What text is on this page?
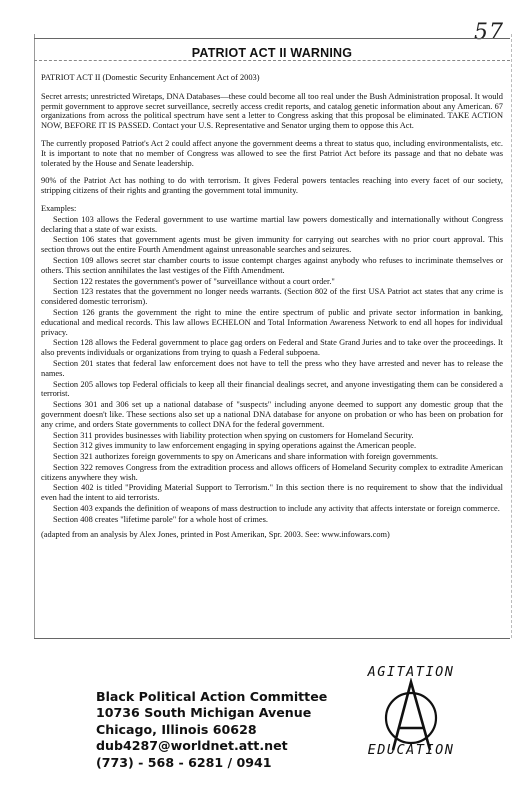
57
PATRIOT ACT II WARNING

PATRIOT ACT II (Domestic Security Enhancement Act of 2003)

Secret arrests; unrestricted Wiretaps, DNA Databases—these could become all too real under the Bush Administration proposal. It would permit government to approve secret surveillance, secretly access credit reports, and catalog genetic information about any American. 67 organizations from across the political spectrum have sent a letter to Congress asking that this proposal be eliminated. TAKE ACTION NOW, BEFORE IT IS PASSED. Contact your U.S. Representative and Senator urging them to oppose this Act.

The currently proposed Patriot's Act 2 could affect anyone the government deems a threat to status quo, including environmentalists, etc. It is important to note that no member of Congress was allowed to see the first Patriot Act before its passage and that no debate was tolerated by the House and Senate leadership.

90% of the Patriot Act has nothing to do with terrorism. It gives Federal powers tentacles reaching into every facet of our society, stripping citizens of their rights and granting the government total immunity.

Examples:

Section 103 allows the Federal government to use wartime martial law powers domestically and internationally without Congress declaring that a state of war exists.

Section 106 states that government agents must be given immunity for carrying out searches with no prior court approval. This section throws out the entire Fourth Amendment against unreasonable searches and seizures.

Section 109 allows secret star chamber courts to issue contempt charges against anybody who refuses to incriminate themselves or others. This section annihilates the last vestiges of the Fifth Amendment.

Section 122 restates the government's power of "surveillance without a court order."

Section 123 restates that the government no longer needs warrants. (Section 802 of the first USA Patriot act states that any crime is considered domestic terrorism).

Section 126 grants the government the right to mine the entire spectrum of public and private sector information in banking, educational and medical records. This law allows ECHELON and Total Information Awareness Network to end all hopes for individual privacy.

Section 128 allows the Federal government to place gag orders on Federal and State Grand Juries and to take over the proceedings. It also prevents individuals or organizations from trying to quash a Federal subpoena.

Section 201 states that federal law enforcement does not have to tell the press who they have arrested and never has to release the names.

Section 205 allows top Federal officials to keep all their financial dealings secret, and anyone investigating them can be considered a terrorist.

Sections 301 and 306 set up a national database of "suspects" including anyone deemed to support any domestic group that the government doesn't like. These sections also set up a national DNA database for anyone on probation or who has been on probation for any crime, and orders State governments to collect DNA for the federal government.

Section 311 provides businesses with liability protection when spying on customers for Homeland Security.

Section 312 gives immunity to law enforcement engaging in spying operations against the American people.

Section 321 authorizes foreign governments to spy on Americans and share information with foreign governments.

Section 322 removes Congress from the extradition process and allows officers of Homeland Security complex to extradite American citizens anywhere they wish.

Section 402 is titled "Providing Material Support to Terrorism." In this section there is no requirement to show that the individual even had the intent to aid terrorists.

Section 403 expands the definition of weapons of mass destruction to include any activity that affects interstate or foreign commerce.

Section 408 creates "lifetime parole" for a whole host of crimes.

(adapted from an analysis by Alex Jones, printed in Post Amerikan, Spr. 2003. See: www.infowars.com)

Black Political Action Committee
10736 South Michigan Avenue
Chicago, Illinois 60628
dub4287@worldnet.att.net
(773) - 568 - 6281 / 0941
AGITATION
EDUCATION
